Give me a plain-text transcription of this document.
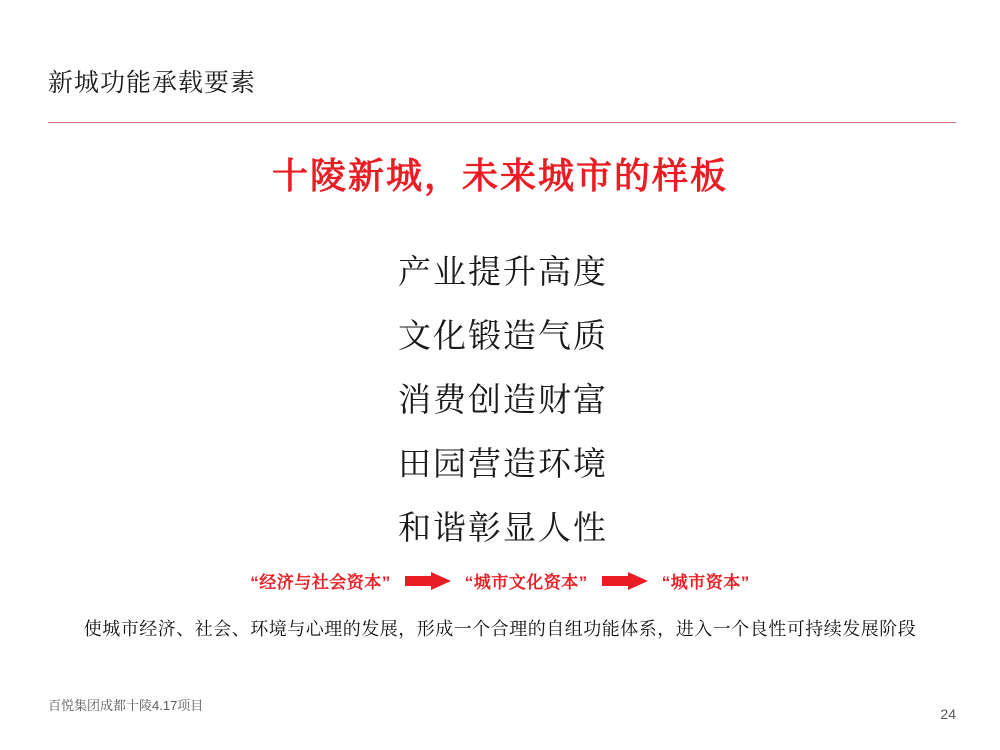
新城功能承载要素
十陵新城，未来城市的样板
产业提升高度
文化锻造气质
消费创造财富
田园营造环境
和谐彰显人性
“经济与社会资本”	“城市文化资本”	“城市资本”
使城市经济、社会、环境与心理的发展，形成一个合理的自组功能体系，进入一个良性可持续发展阶段
百悦集团成都十陵4.17项目
24
